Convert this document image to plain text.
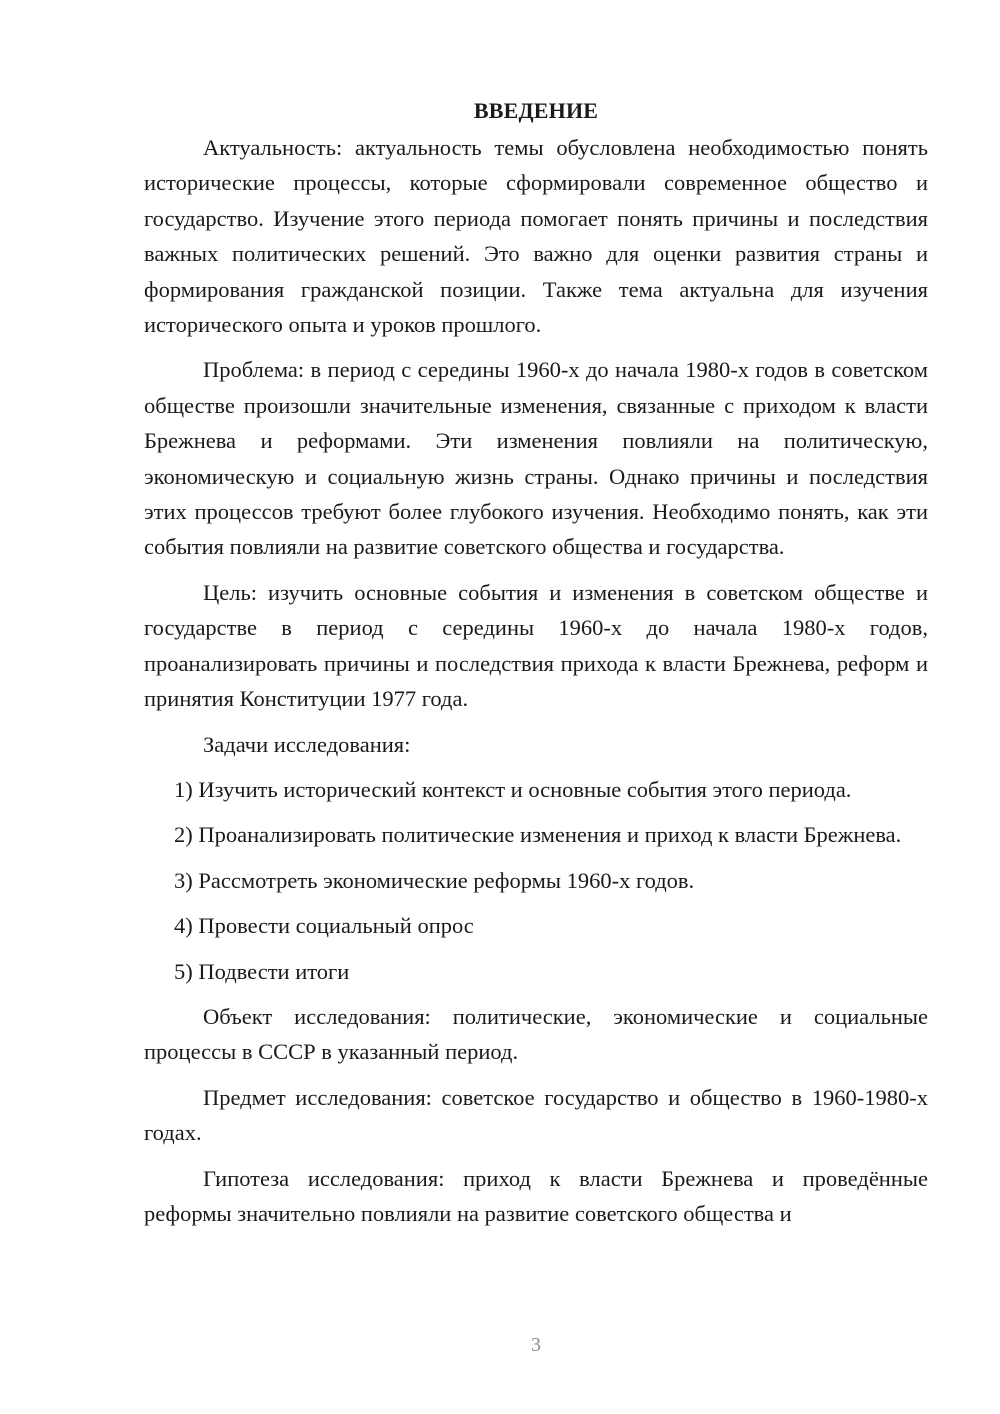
ВВЕДЕНИЕ

Актуальность: актуальность темы обусловлена необходимостью понять исторические процессы, которые сформировали современное общество и государство. Изучение этого периода помогает понять причины и последствия важных политических решений. Это важно для оценки развития страны и формирования гражданской позиции. Также тема актуальна для изучения исторического опыта и уроков прошлого.

Проблема: в период с середины 1960-х до начала 1980-х годов в советском обществе произошли значительные изменения, связанные с приходом к власти Брежнева и реформами. Эти изменения повлияли на политическую, экономическую и социальную жизнь страны. Однако причины и последствия этих процессов требуют более глубокого изучения. Необходимо понять, как эти события повлияли на развитие советского общества и государства.

Цель: изучить основные события и изменения в советском обществе и государстве в период с середины 1960-х до начала 1980-х годов, проанализировать причины и последствия прихода к власти Брежнева, реформ и принятия Конституции 1977 года.

Задачи исследования:

1) Изучить исторический контекст и основные события этого периода.

2) Проанализировать политические изменения и приход к власти Брежнева.

3) Рассмотреть экономические реформы 1960-х годов.

4) Провести социальный опрос

5) Подвести итоги

Объект исследования: политические, экономические и социальные процессы в СССР в указанный период.

Предмет исследования: советское государство и общество в 1960-1980-х годах.

Гипотеза исследования: приход к власти Брежнева и проведённые реформы значительно повлияли на развитие советского общества и

3
